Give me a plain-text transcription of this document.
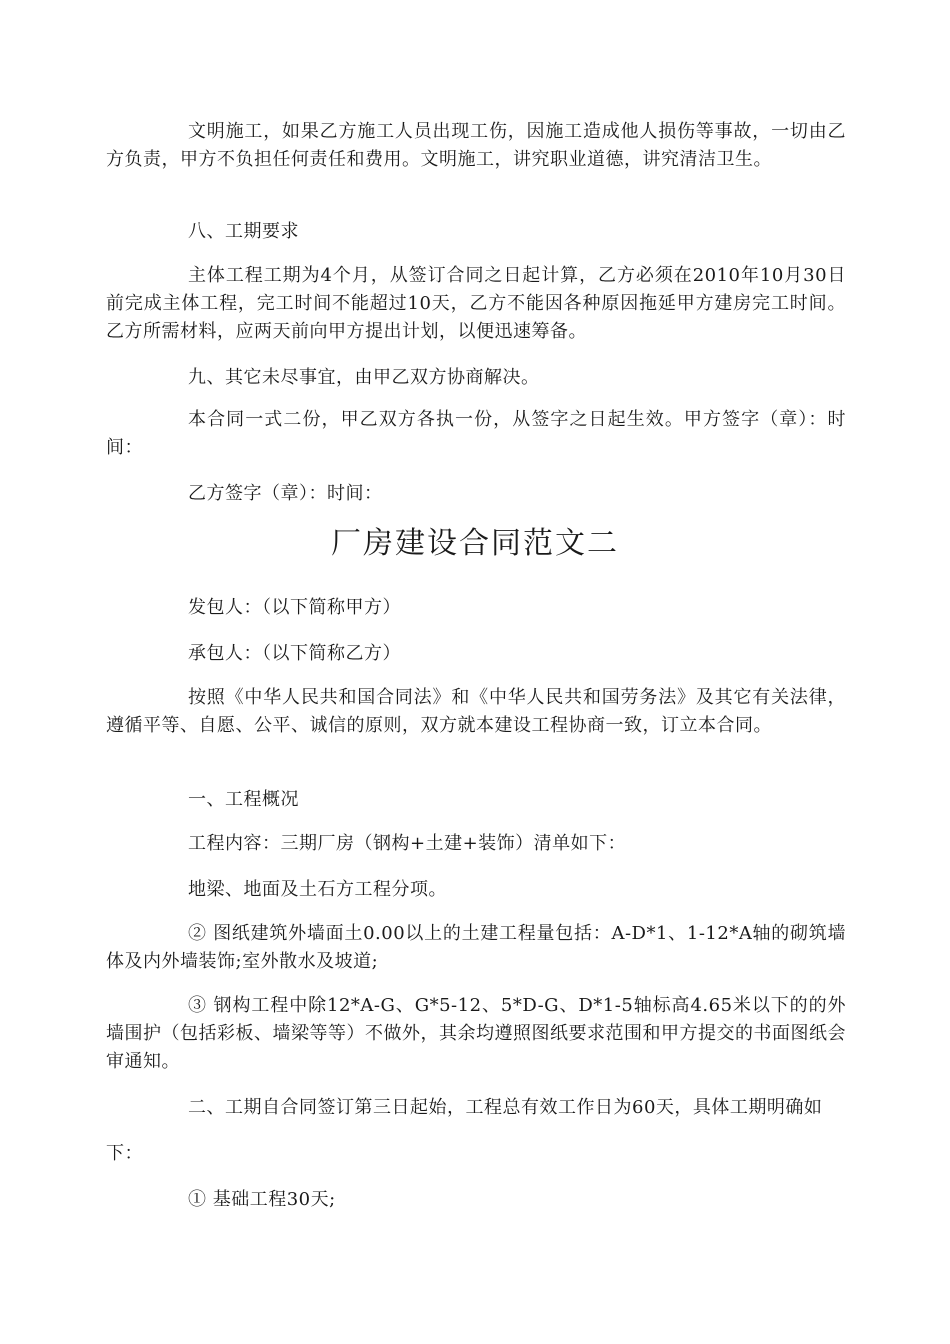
文明施工，如果乙方施工人员出现工伤，因施工造成他人损伤等事故，一切由乙方负责，甲方不负担任何责任和费用。文明施工，讲究职业道德，讲究清洁卫生。

八、工期要求

主体工程工期为4个月，从签订合同之日起计算，乙方必须在2010年10月30日前完成主体工程，完工时间不能超过10天，乙方不能因各种原因拖延甲方建房完工时间。乙方所需材料，应两天前向甲方提出计划，以便迅速筹备。

九、其它未尽事宜，由甲乙双方协商解决。

本合同一式二份，甲乙双方各执一份，从签字之日起生效。甲方签字（章）：时间：

乙方签字（章）：时间：

厂房建设合同范文二

发包人：（以下简称甲方）

承包人：（以下简称乙方）

按照《中华人民共和国合同法》和《中华人民共和国劳务法》及其它有关法律，遵循平等、自愿、公平、诚信的原则，双方就本建设工程协商一致，订立本合同。

一、工程概况

工程内容：三期厂房（钢构+土建+装饰）清单如下：

地梁、地面及土石方工程分项。

② 图纸建筑外墙面土0.00以上的土建工程量包括：A-D*1、1-12*A轴的砌筑墙体及内外墙装饰;室外散水及坡道;

③ 钢构工程中除12*A-G、G*5-12、5*D-G、D*1-5轴标高4.65米以下的的外墙围护（包括彩板、墙梁等等）不做外，其余均遵照图纸要求范围和甲方提交的书面图纸会审通知。

二、工期自合同签订第三日起始，工程总有效工作日为60天，具体工期明确如

下：

① 基础工程30天;
